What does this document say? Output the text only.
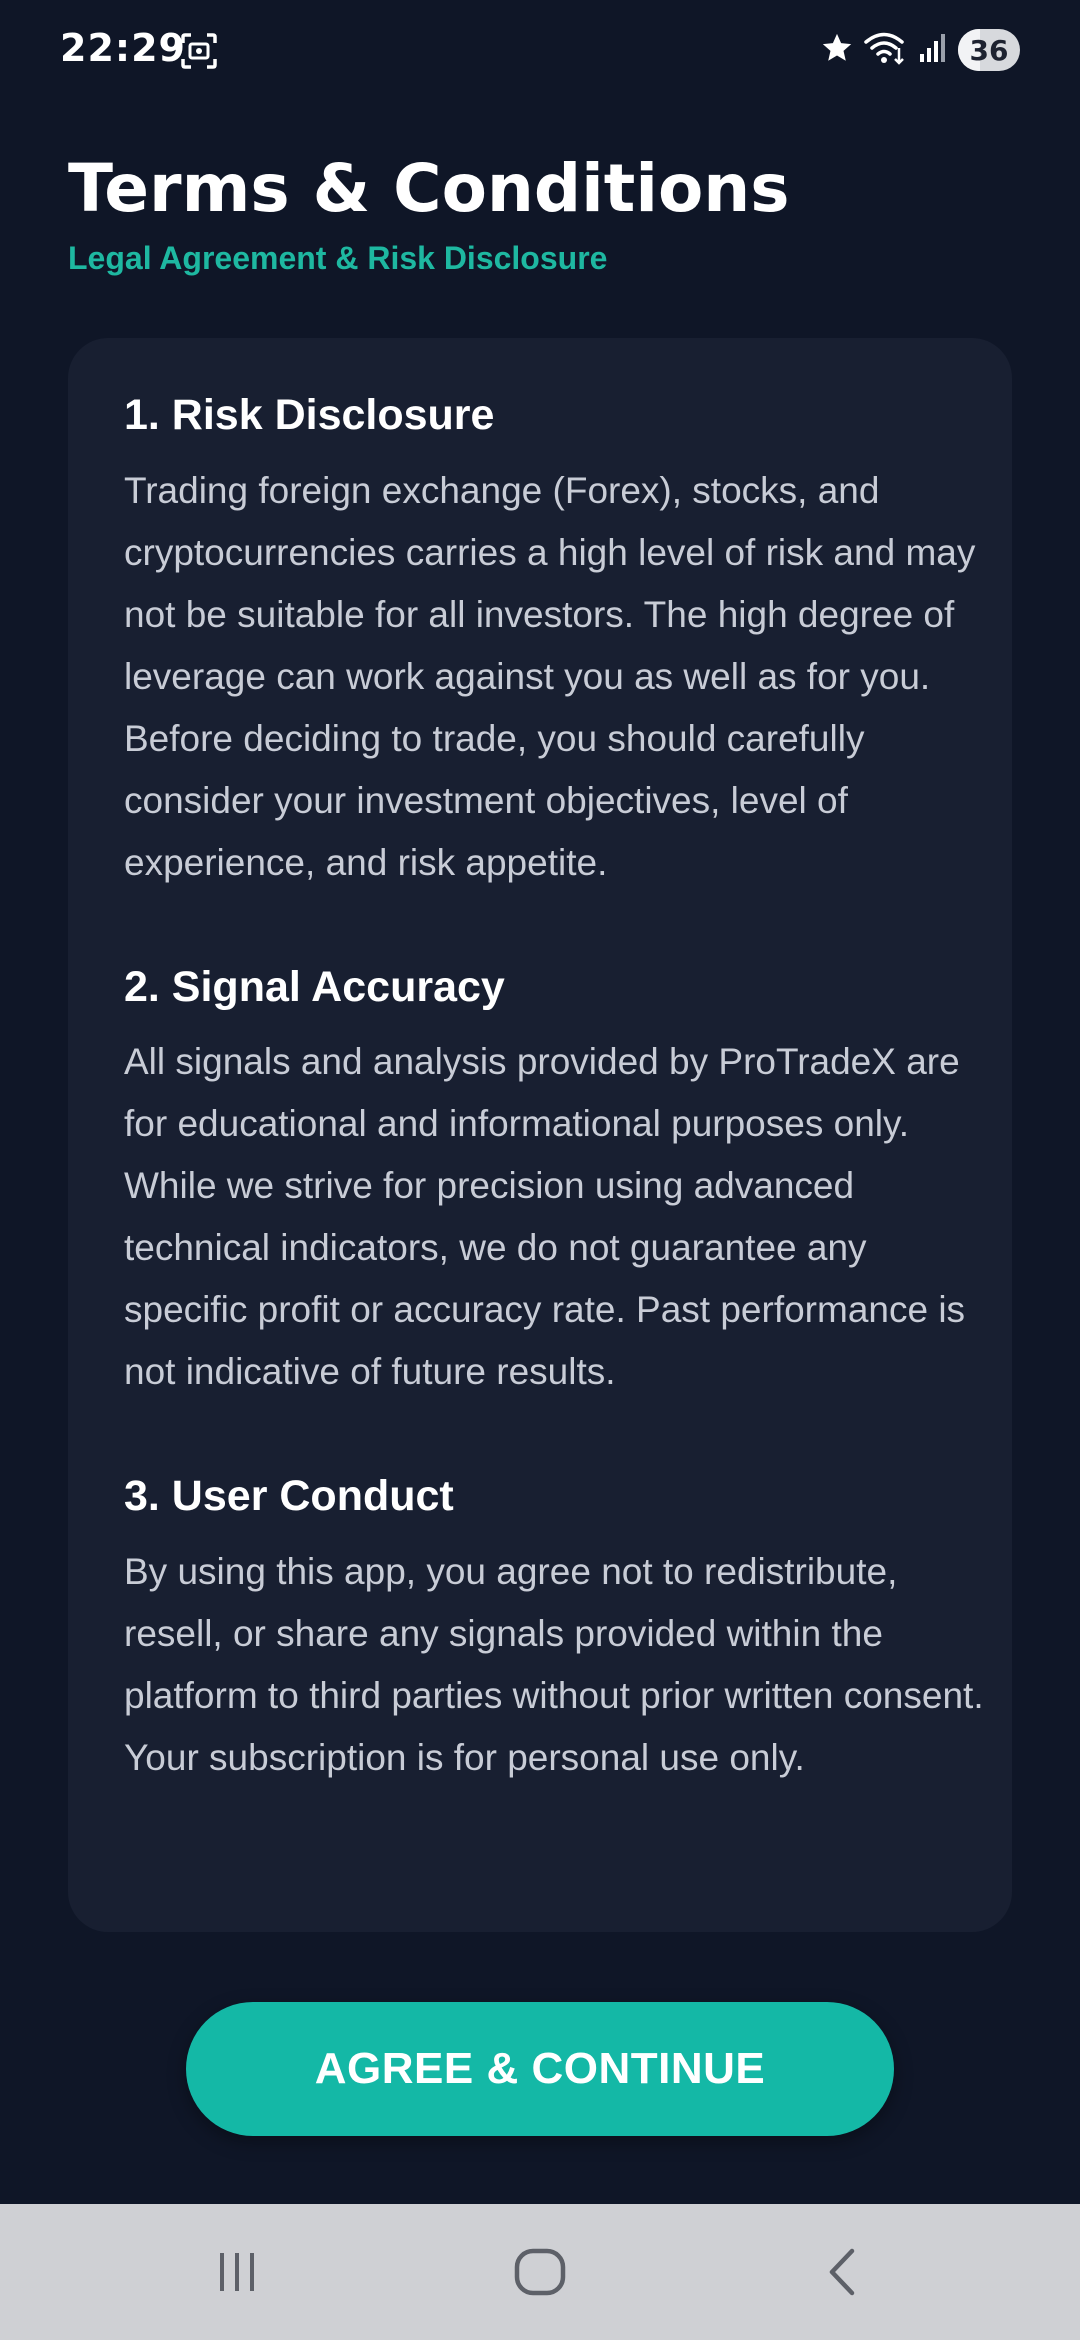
22:29	36
Terms & Conditions
Legal Agreement & Risk Disclosure
1. Risk Disclosure

Trading foreign exchange (Forex), stocks, and cryptocurrencies carries a high level of risk and may not be suitable for all investors. The high degree of leverage can work against you as well as for you. Before deciding to trade, you should carefully consider your investment objectives, level of experience, and risk appetite.

2. Signal Accuracy

All signals and analysis provided by ProTradeX are for educational and informational purposes only. While we strive for precision using advanced technical indicators, we do not guarantee any specific profit or accuracy rate. Past performance is not indicative of future results.

3. User Conduct

By using this app, you agree not to redistribute, resell, or share any signals provided within the platform to third parties without prior written consent. Your subscription is for personal use only.

AGREE & CONTINUE
